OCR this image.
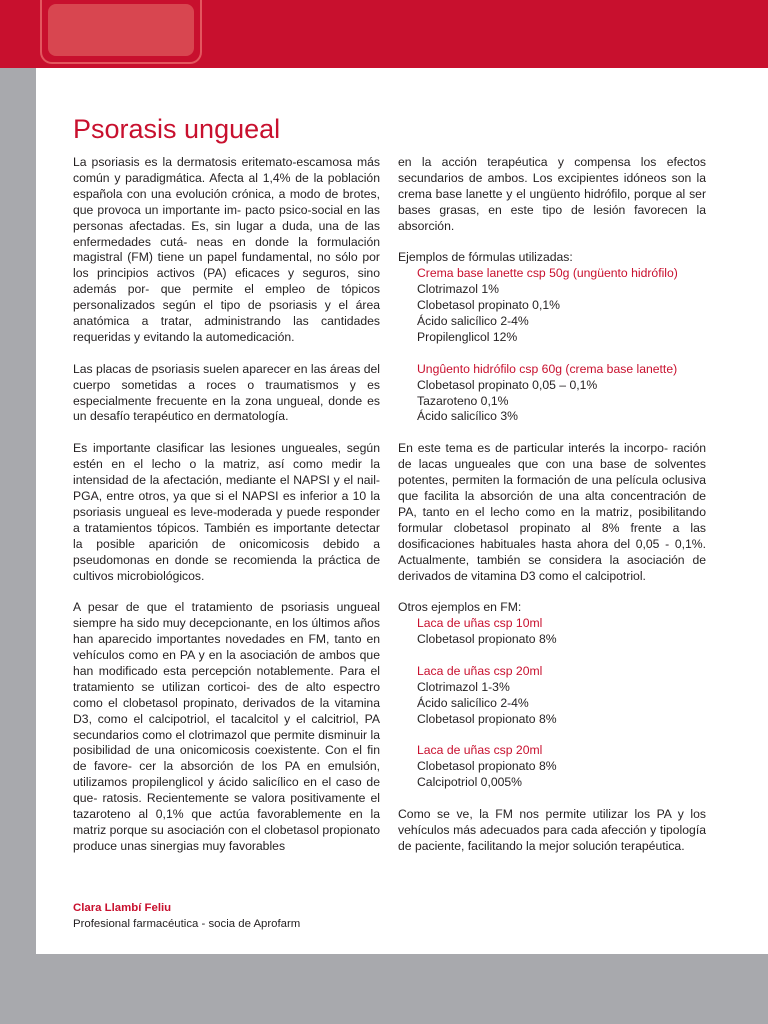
Psorasis ungueal

La psoriasis es la dermatosis eritemato-escamosa más común y paradigmática. Afecta al 1,4% de la población española con una evolución crónica, a modo de brotes, que provoca un importante im- pacto psico-social en las personas afectadas. Es, sin lugar a duda, una de las enfermedades cutá- neas en donde la formulación magistral (FM) tiene un papel fundamental, no sólo por los principios activos (PA) eficaces y seguros, sino además por- que permite el empleo de tópicos personalizados según el tipo de psoriasis y el área anatómica a tratar, administrando las cantidades requeridas y evitando la automedicación.

Las placas de psoriasis suelen aparecer en las áreas del cuerpo sometidas a roces o traumatismos y es especialmente frecuente en la zona ungueal, donde es un desafío terapéutico en dermatología.

Es importante clasificar las lesiones ungueales, según estén en el lecho o la matriz, así como medir la intensidad de la afectación, mediante el NAPSI y el nail-PGA, entre otros, ya que si el NAPSI es inferior a 10 la psoriasis ungueal es leve-moderada y puede responder a tratamientos tópicos. También es importante detectar la posible aparición de onicomicosis debido a pseudomonas en donde se recomienda la práctica de cultivos microbiológicos.

A pesar de que el tratamiento de psoriasis ungueal siempre ha sido muy decepcionante, en los últimos años han aparecido importantes novedades en FM, tanto en vehículos como en PA y en la asociación de ambos que han modificado esta percepción notablemente. Para el tratamiento se utilizan corticoi- des de alto espectro como el clobetasol propinato, derivados de la vitamina D3, como el calcipotriol, el tacalcitol y el calcitriol, PA secundarios como el clotrimazol que permite disminuir la posibilidad de una onicomicosis coexistente. Con el fin de favore- cer la absorción de los PA en emulsión, utilizamos propilenglicol y ácido salicílico en el caso de que- ratosis. Recientemente se valora positivamente el tazaroteno al 0,1% que actúa favorablemente en la matriz porque su asociación con el clobetasol propionato produce unas sinergias muy favorables

en la acción terapéutica y compensa los efectos secundarios de ambos. Los excipientes idóneos son la crema base lanette y el ungüento hidrófilo, porque al ser bases grasas, en este tipo de lesión favorecen la absorción.

Ejemplos de fórmulas utilizadas:
Crema base lanette csp 50g (ungüento hidrófilo)
Clotrimazol 1%
Clobetasol propinato 0,1%
Ácido salicílico 2-4%
Propilenglicol 12%
Ungûento hidrófilo csp 60g (crema base lanette)
Clobetasol propinato 0,05 – 0,1%
Tazaroteno 0,1%
Ácido salicílico 3%

En este tema es de particular interés la incorpo- ración de lacas ungueales que con una base de solventes potentes, permiten la formación de una película oclusiva que facilita la absorción de una alta concentración de PA, tanto en el lecho como en la matriz, posibilitando formular clobetasol propinato al 8% frente a las dosificaciones habituales hasta ahora del 0,05 - 0,1%. Actualmente, también se considera la asociación de derivados de vitamina D3 como el calcipotriol.

Otros ejemplos en FM:
Laca de uñas csp 10ml
Clobetasol propionato 8%
Laca de uñas csp 20ml
Clotrimazol 1-3%
Ácido salicílico 2-4%
Clobetasol propionato 8%
Laca de uñas csp 20ml
Clobetasol propionato 8%
Calcipotriol 0,005%

Como se ve, la FM nos permite utilizar los PA y los vehículos más adecuados para cada afección y tipología de paciente, facilitando la mejor solución terapéutica.

Clara Llambí Feliu
Profesional farmacéutica - socia de Aprofarm
